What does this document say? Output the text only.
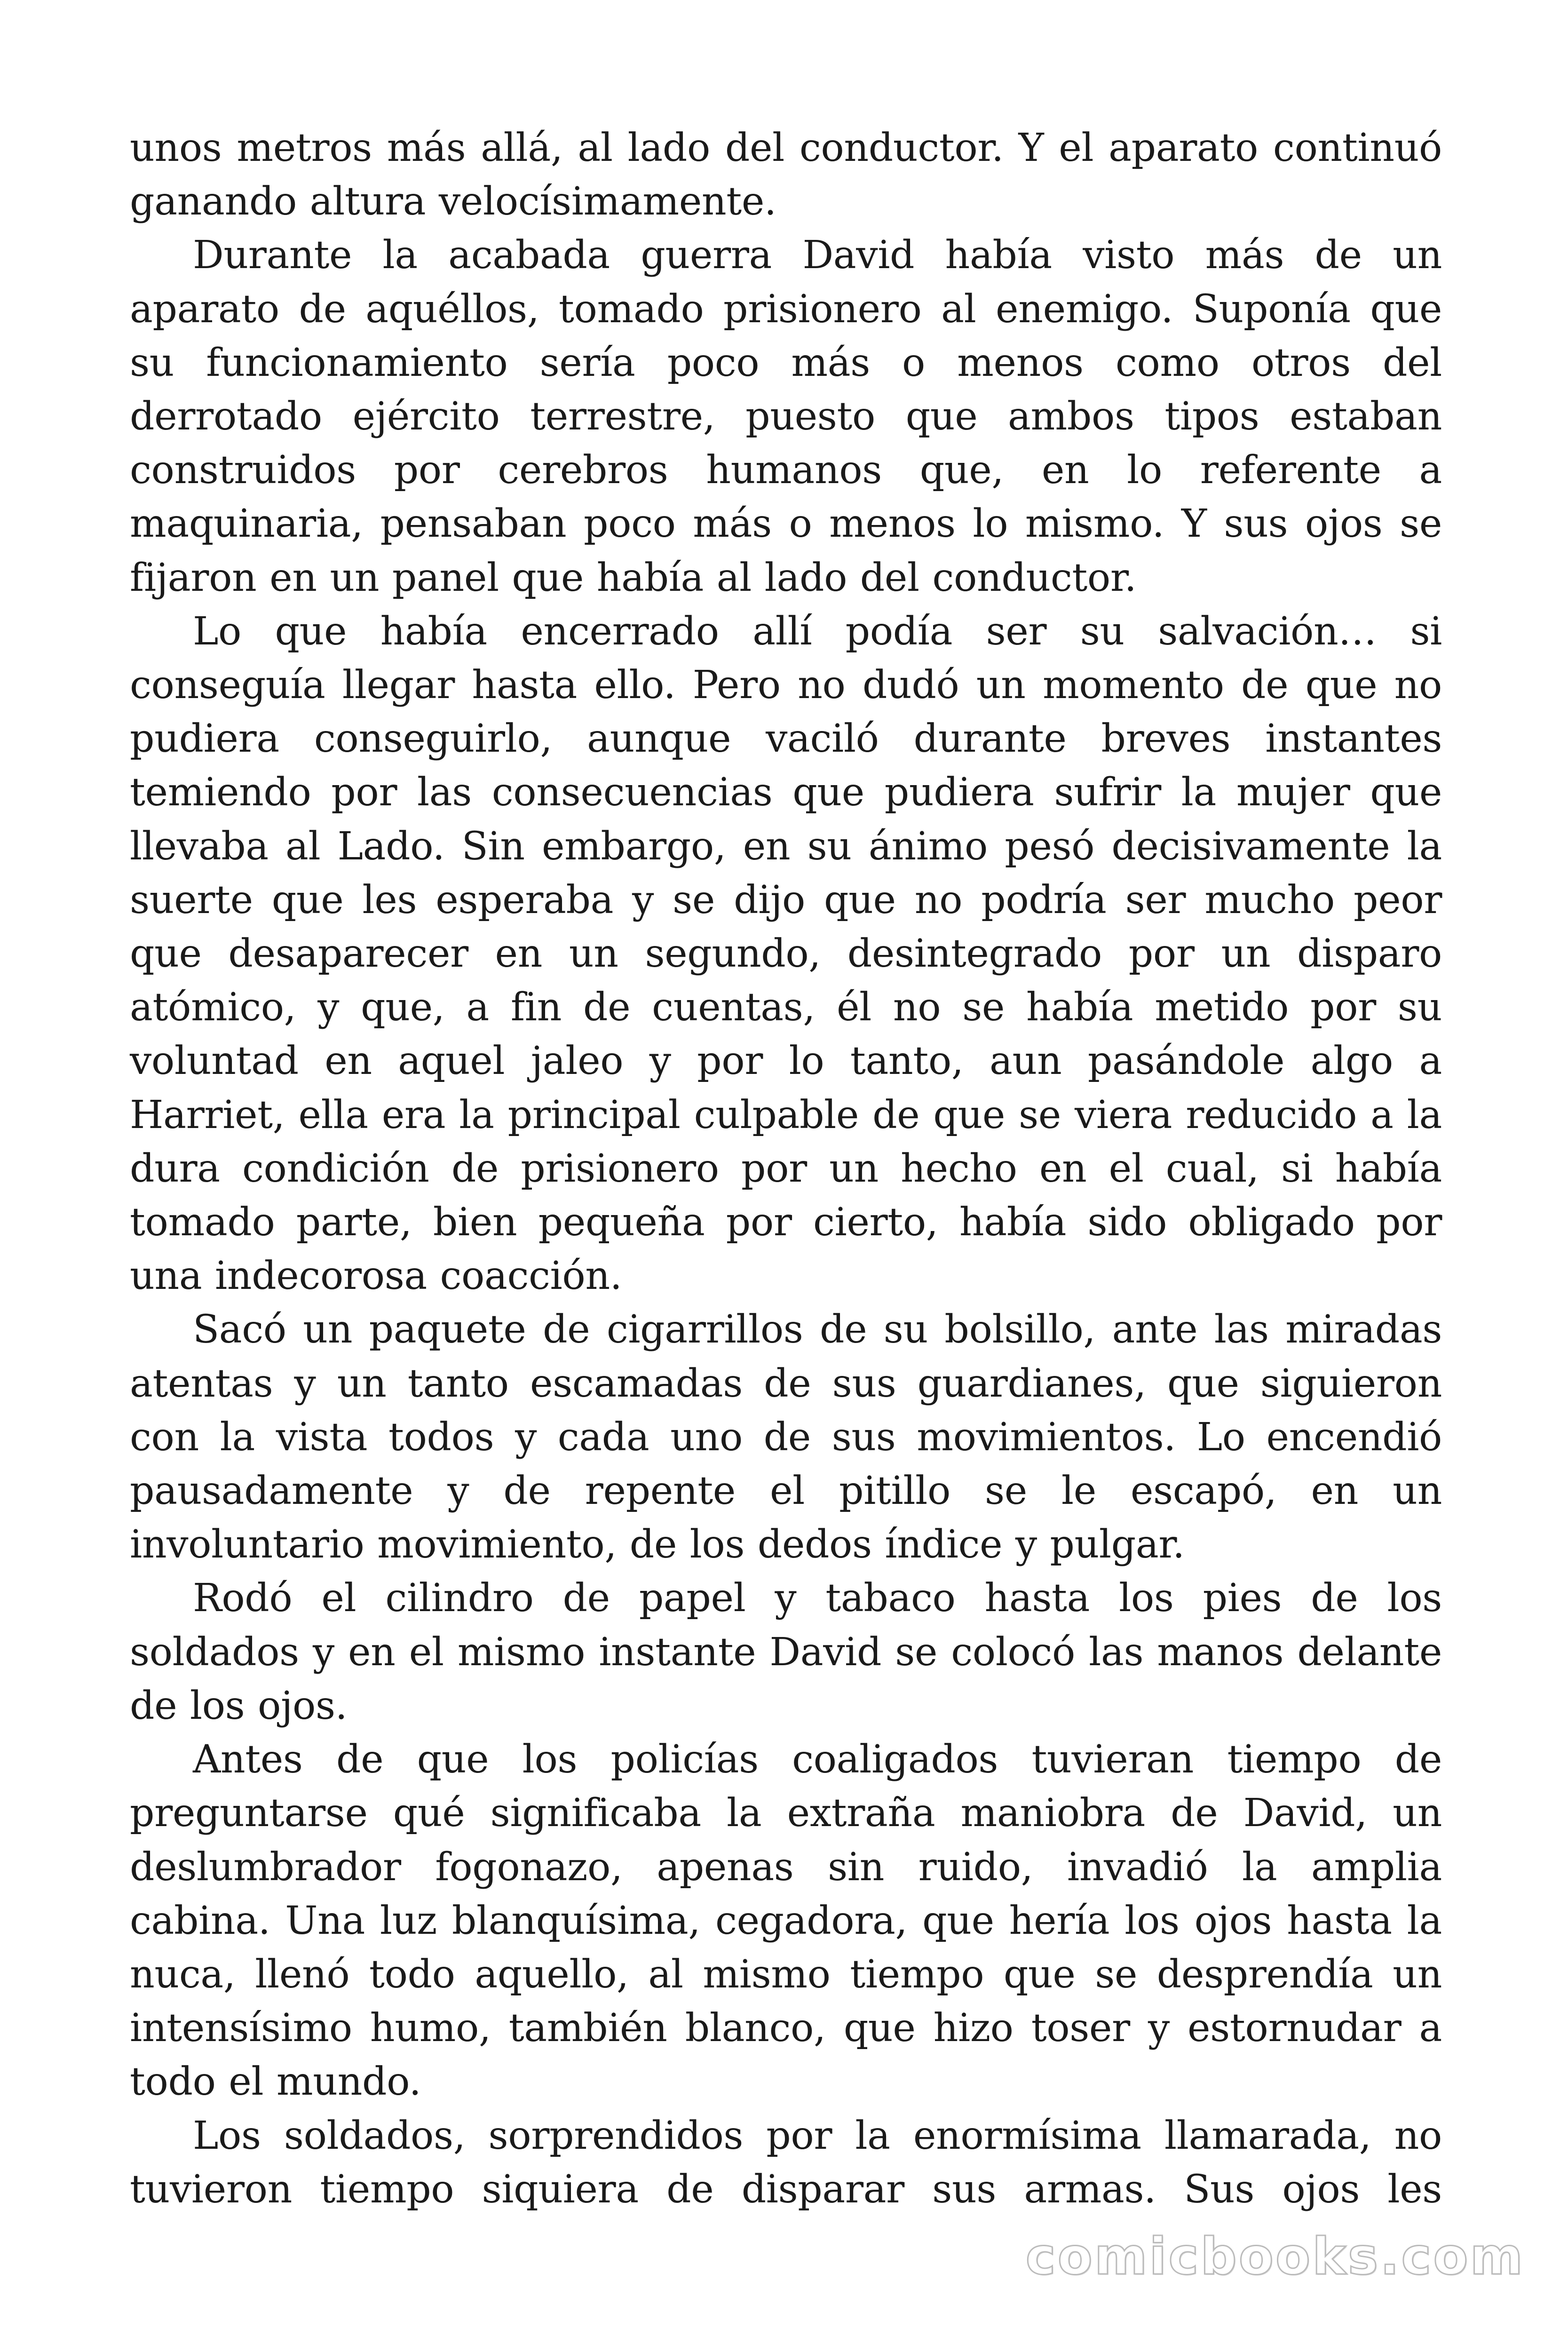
unos metros más allá, al lado del conductor. Y el aparato continuó ganando altura velocísimamente.

Durante la acabada guerra David había visto más de un aparato de aquéllos, tomado prisionero al enemigo. Suponía que su funcionamiento sería poco más o menos como otros del derrotado ejército terrestre, puesto que ambos tipos estaban construidos por cerebros humanos que, en lo referente a maquinaria, pensaban poco más o menos lo mismo. Y sus ojos se fijaron en un panel que había al lado del conductor.

Lo que había encerrado allí podía ser su salvación… si conseguía llegar hasta ello. Pero no dudó un momento de que no pudiera conseguirlo, aunque vaciló durante breves instantes temiendo por las consecuencias que pudiera sufrir la mujer que llevaba al Lado. Sin embargo, en su ánimo pesó decisivamente la suerte que les esperaba y se dijo que no podría ser mucho peor que desaparecer en un segundo, desintegrado por un disparo atómico, y que, a fin de cuentas, él no se había metido por su voluntad en aquel jaleo y por lo tanto, aun pasándole algo a Harriet, ella era la principal culpable de que se viera reducido a la dura condición de prisionero por un hecho en el cual, si había tomado parte, bien pequeña por cierto, había sido obligado por una indecorosa coacción.

Sacó un paquete de cigarrillos de su bolsillo, ante las miradas atentas y un tanto escamadas de sus guardianes, que siguieron con la vista todos y cada uno de sus movimientos. Lo encendió pausadamente y de repente el pitillo se le escapó, en un involuntario movimiento, de los dedos índice y pulgar.

Rodó el cilindro de papel y tabaco hasta los pies de los soldados y en el mismo instante David se colocó las manos delante de los ojos.

Antes de que los policías coaligados tuvieran tiempo de preguntarse qué significaba la extraña maniobra de David, un deslumbrador fogonazo, apenas sin ruido, invadió la amplia cabina. Una luz blanquísima, cegadora, que hería los ojos hasta la nuca, llenó todo aquello, al mismo tiempo que se desprendía un intensísimo humo, también blanco, que hizo toser y estornudar a todo el mundo.

Los soldados, sorprendidos por la enormísima llamarada, no tuvieron tiempo siquiera de disparar sus armas. Sus ojos les

comicbooks.com
